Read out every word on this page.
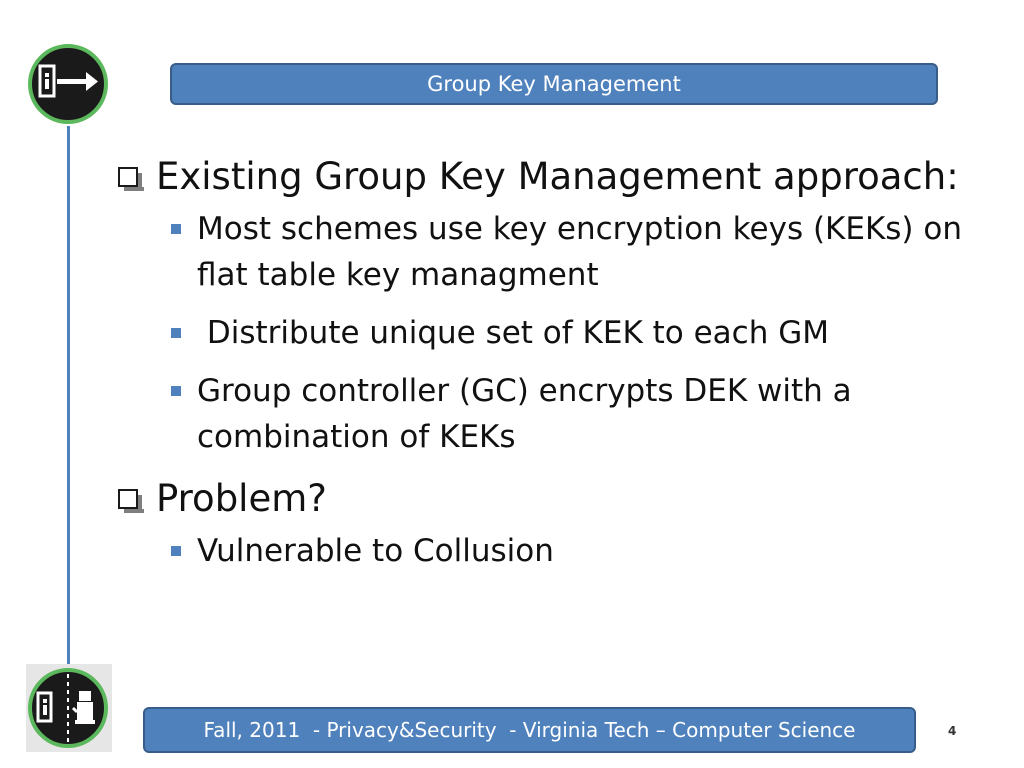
Group Key Management
Existing Group Key Management approach:
Most schemes use key encryption keys (KEKs) on flat table key managment
Distribute unique set of KEK to each GM
Group controller (GC) encrypts DEK with a combination of KEKs
Problem?
Vulnerable to Collusion
Fall, 2011  - Privacy&Security  - Virginia Tech – Computer Science	4
